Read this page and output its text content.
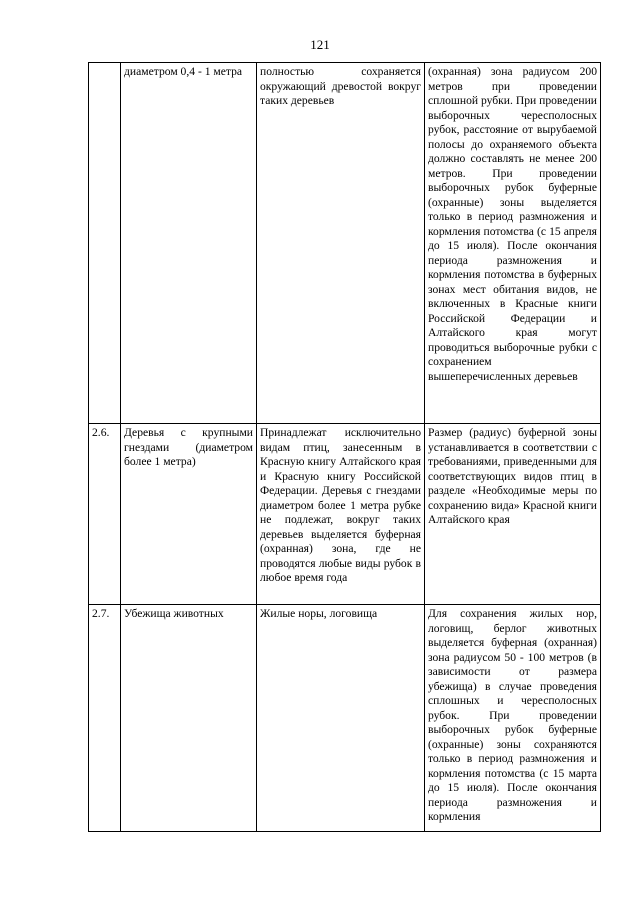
121

	диаметром 0,4 - 1 метра	полностью сохраняется окружающий древостой вокруг таких деревьев	(охранная) зона радиусом 200 метров при проведении сплошной рубки. При проведении выборочных чересполосных рубок, расстояние от вырубаемой полосы до охраняемого объекта должно составлять не менее 200 метров. При проведении выборочных рубок буферные (охранные) зоны выделяется только в период размножения и кормления потомства (с 15 апреля до 15 июля). После окончания периода размножения и кормления потомства в буферных зонах мест обитания видов, не включенных в Красные книги Российской Федерации и Алтайского края могут проводиться выборочные рубки с сохранением вышеперечисленных деревьев

2.6.	Деревья с крупными гнездами (диаметром более 1 метра)	Принадлежат исключительно видам птиц, занесенным в Красную книгу Алтайского края и Красную книгу Российской Федерации. Деревья с гнездами диаметром более 1 метра рубке не подлежат, вокруг таких деревьев выделяется буферная (охранная) зона, где не проводятся любые виды рубок в любое время года	Размер (радиус) буферной зоны устанавливается в соответствии с требованиями, приведенными для соответствующих видов птиц в разделе «Необходимые меры по сохранению вида» Красной книги Алтайского края

2.7.	Убежища животных	Жилые норы, логовища	Для сохранения жилых нор, логовищ, берлог животных выделяется буферная (охранная) зона радиусом 50 - 100 метров (в зависимости от размера убежища) в случае проведения сплошных и чересполосных рубок. При проведении выборочных рубок буферные (охранные) зоны сохраняются только в период размножения и кормления потомства (с 15 марта до 15 июля). После окончания периода размножения и кормления
